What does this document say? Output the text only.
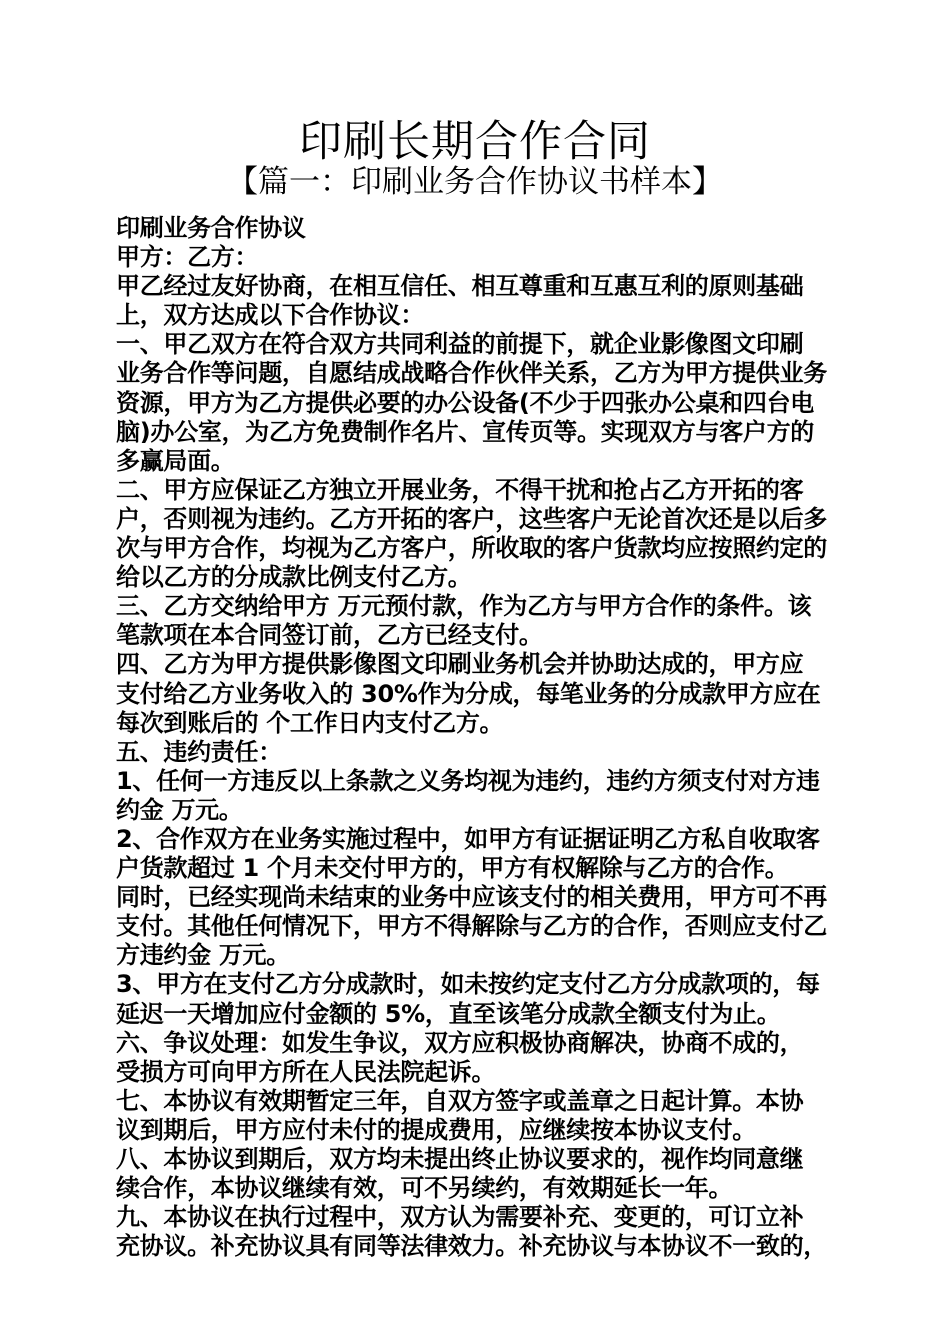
印刷长期合作合同
【篇一：印刷业务合作协议书样本】
印刷业务合作协议
甲方：乙方：
甲乙经过友好协商，在相互信任、相互尊重和互惠互利的原则基础
上，双方达成以下合作协议：
一、甲乙双方在符合双方共同利益的前提下，就企业影像图文印刷
业务合作等问题，自愿结成战略合作伙伴关系，乙方为甲方提供业务
资源，甲方为乙方提供必要的办公设备(不少于四张办公桌和四台电
脑)办公室，为乙方免费制作名片、宣传页等。实现双方与客户方的
多赢局面。
二、甲方应保证乙方独立开展业务，不得干扰和抢占乙方开拓的客
户，否则视为违约。乙方开拓的客户，这些客户无论首次还是以后多
次与甲方合作，均视为乙方客户，所收取的客户货款均应按照约定的
给以乙方的分成款比例支付乙方。
三、乙方交纳给甲方 万元预付款，作为乙方与甲方合作的条件。该
笔款项在本合同签订前，乙方已经支付。
四、乙方为甲方提供影像图文印刷业务机会并协助达成的，甲方应
支付给乙方业务收入的 30%作为分成，每笔业务的分成款甲方应在
每次到账后的 个工作日内支付乙方。
五、违约责任：
1、任何一方违反以上条款之义务均视为违约，违约方须支付对方违
约金 万元。
2、合作双方在业务实施过程中，如甲方有证据证明乙方私自收取客
户货款超过 1 个月未交付甲方的，甲方有权解除与乙方的合作。
同时，已经实现尚未结束的业务中应该支付的相关费用，甲方可不再
支付。其他任何情况下，甲方不得解除与乙方的合作，否则应支付乙
方违约金 万元。
3、甲方在支付乙方分成款时，如未按约定支付乙方分成款项的，每
延迟一天增加应付金额的 5%，直至该笔分成款全额支付为止。
六、争议处理：如发生争议，双方应积极协商解决，协商不成的，
受损方可向甲方所在人民法院起诉。
七、本协议有效期暂定三年，自双方签字或盖章之日起计算。本协
议到期后，甲方应付未付的提成费用，应继续按本协议支付。
八、本协议到期后，双方均未提出终止协议要求的，视作均同意继
续合作，本协议继续有效，可不另续约，有效期延长一年。
九、本协议在执行过程中，双方认为需要补充、变更的，可订立补
充协议。补充协议具有同等法律效力。补充协议与本协议不一致的，
